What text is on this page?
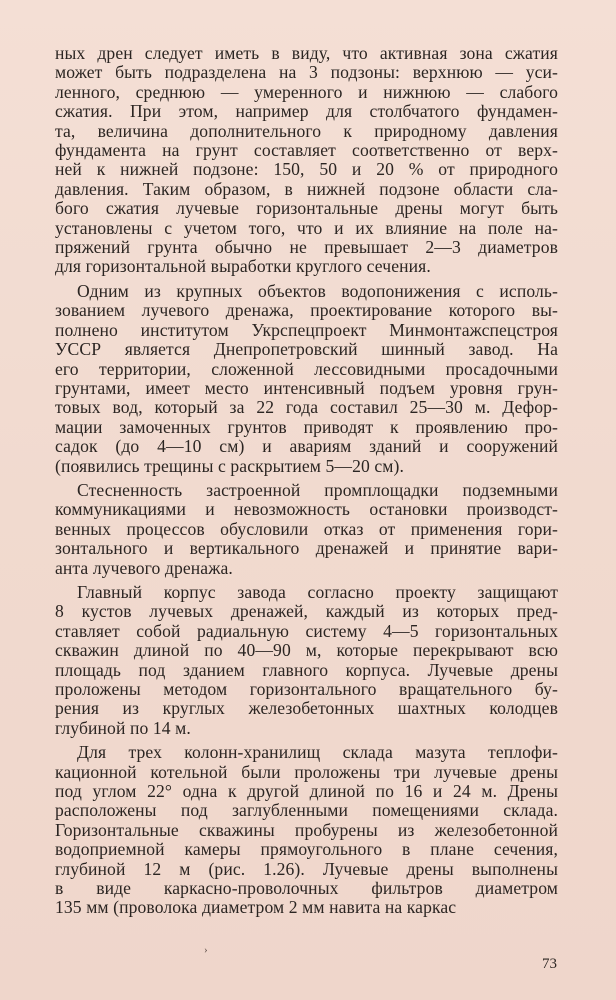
ных дрен следует иметь в виду, что активная зона сжатия
может быть подразделена на 3 подзоны: верхнюю — уси-
ленного, среднюю — умеренного и нижнюю — слабого
сжатия. При этом, например для столбчатого фундамен-
та, величина дополнительного к природному давления
фундамента на грунт составляет соответственно от верх-
ней к нижней подзоне: 150, 50 и 20 % от природного
давления. Таким образом, в нижней подзоне области сла-
бого сжатия лучевые горизонтальные дрены могут быть
установлены с учетом того, что и их влияние на поле на-
пряжений грунта обычно не превышает 2—3 диаметров
для горизонтальной выработки круглого сечения.
Одним из крупных объектов водопонижения с исполь-
зованием лучевого дренажа, проектирование которого вы-
полнено институтом Укрспецпроект Минмонтажспецстроя
УССР является Днепропетровский шинный завод. На
его территории, сложенной лессовидными просадочными
грунтами, имеет место интенсивный подъем уровня грун-
товых вод, который за 22 года составил 25—30 м. Дефор-
мации замоченных грунтов приводят к проявлению про-
садок (до 4—10 см) и авариям зданий и сооружений
(появились трещины с раскрытием 5—20 см).
Стесненность застроенной промплощадки подземными
коммуникациями и невозможность остановки производст-
венных процессов обусловили отказ от применения гори-
зонтального и вертикального дренажей и принятие вари-
анта лучевого дренажа.
Главный корпус завода согласно проекту защищают
8 кустов лучевых дренажей, каждый из которых пред-
ставляет собой радиальную систему 4—5 горизонтальных
скважин длиной по 40—90 м, которые перекрывают всю
площадь под зданием главного корпуса. Лучевые дрены
проложены методом горизонтального вращательного бу-
рения из круглых железобетонных шахтных колодцев
глубиной по 14 м.
Для трех колонн-хранилищ склада мазута теплофи-
кационной котельной были проложены три лучевые дрены
под углом 22° одна к другой длиной по 16 и 24 м. Дрены
расположены под заглубленными помещениями склада.
Горизонтальные скважины пробурены из железобетонной
водоприемной камеры прямоугольного в плане сечения,
глубиной 12 м (рис. 1.26). Лучевые дрены выполнены
в виде каркасно-проволочных фильтров диаметром
135 мм (проволока диаметром 2 мм навита на каркас
›
73
